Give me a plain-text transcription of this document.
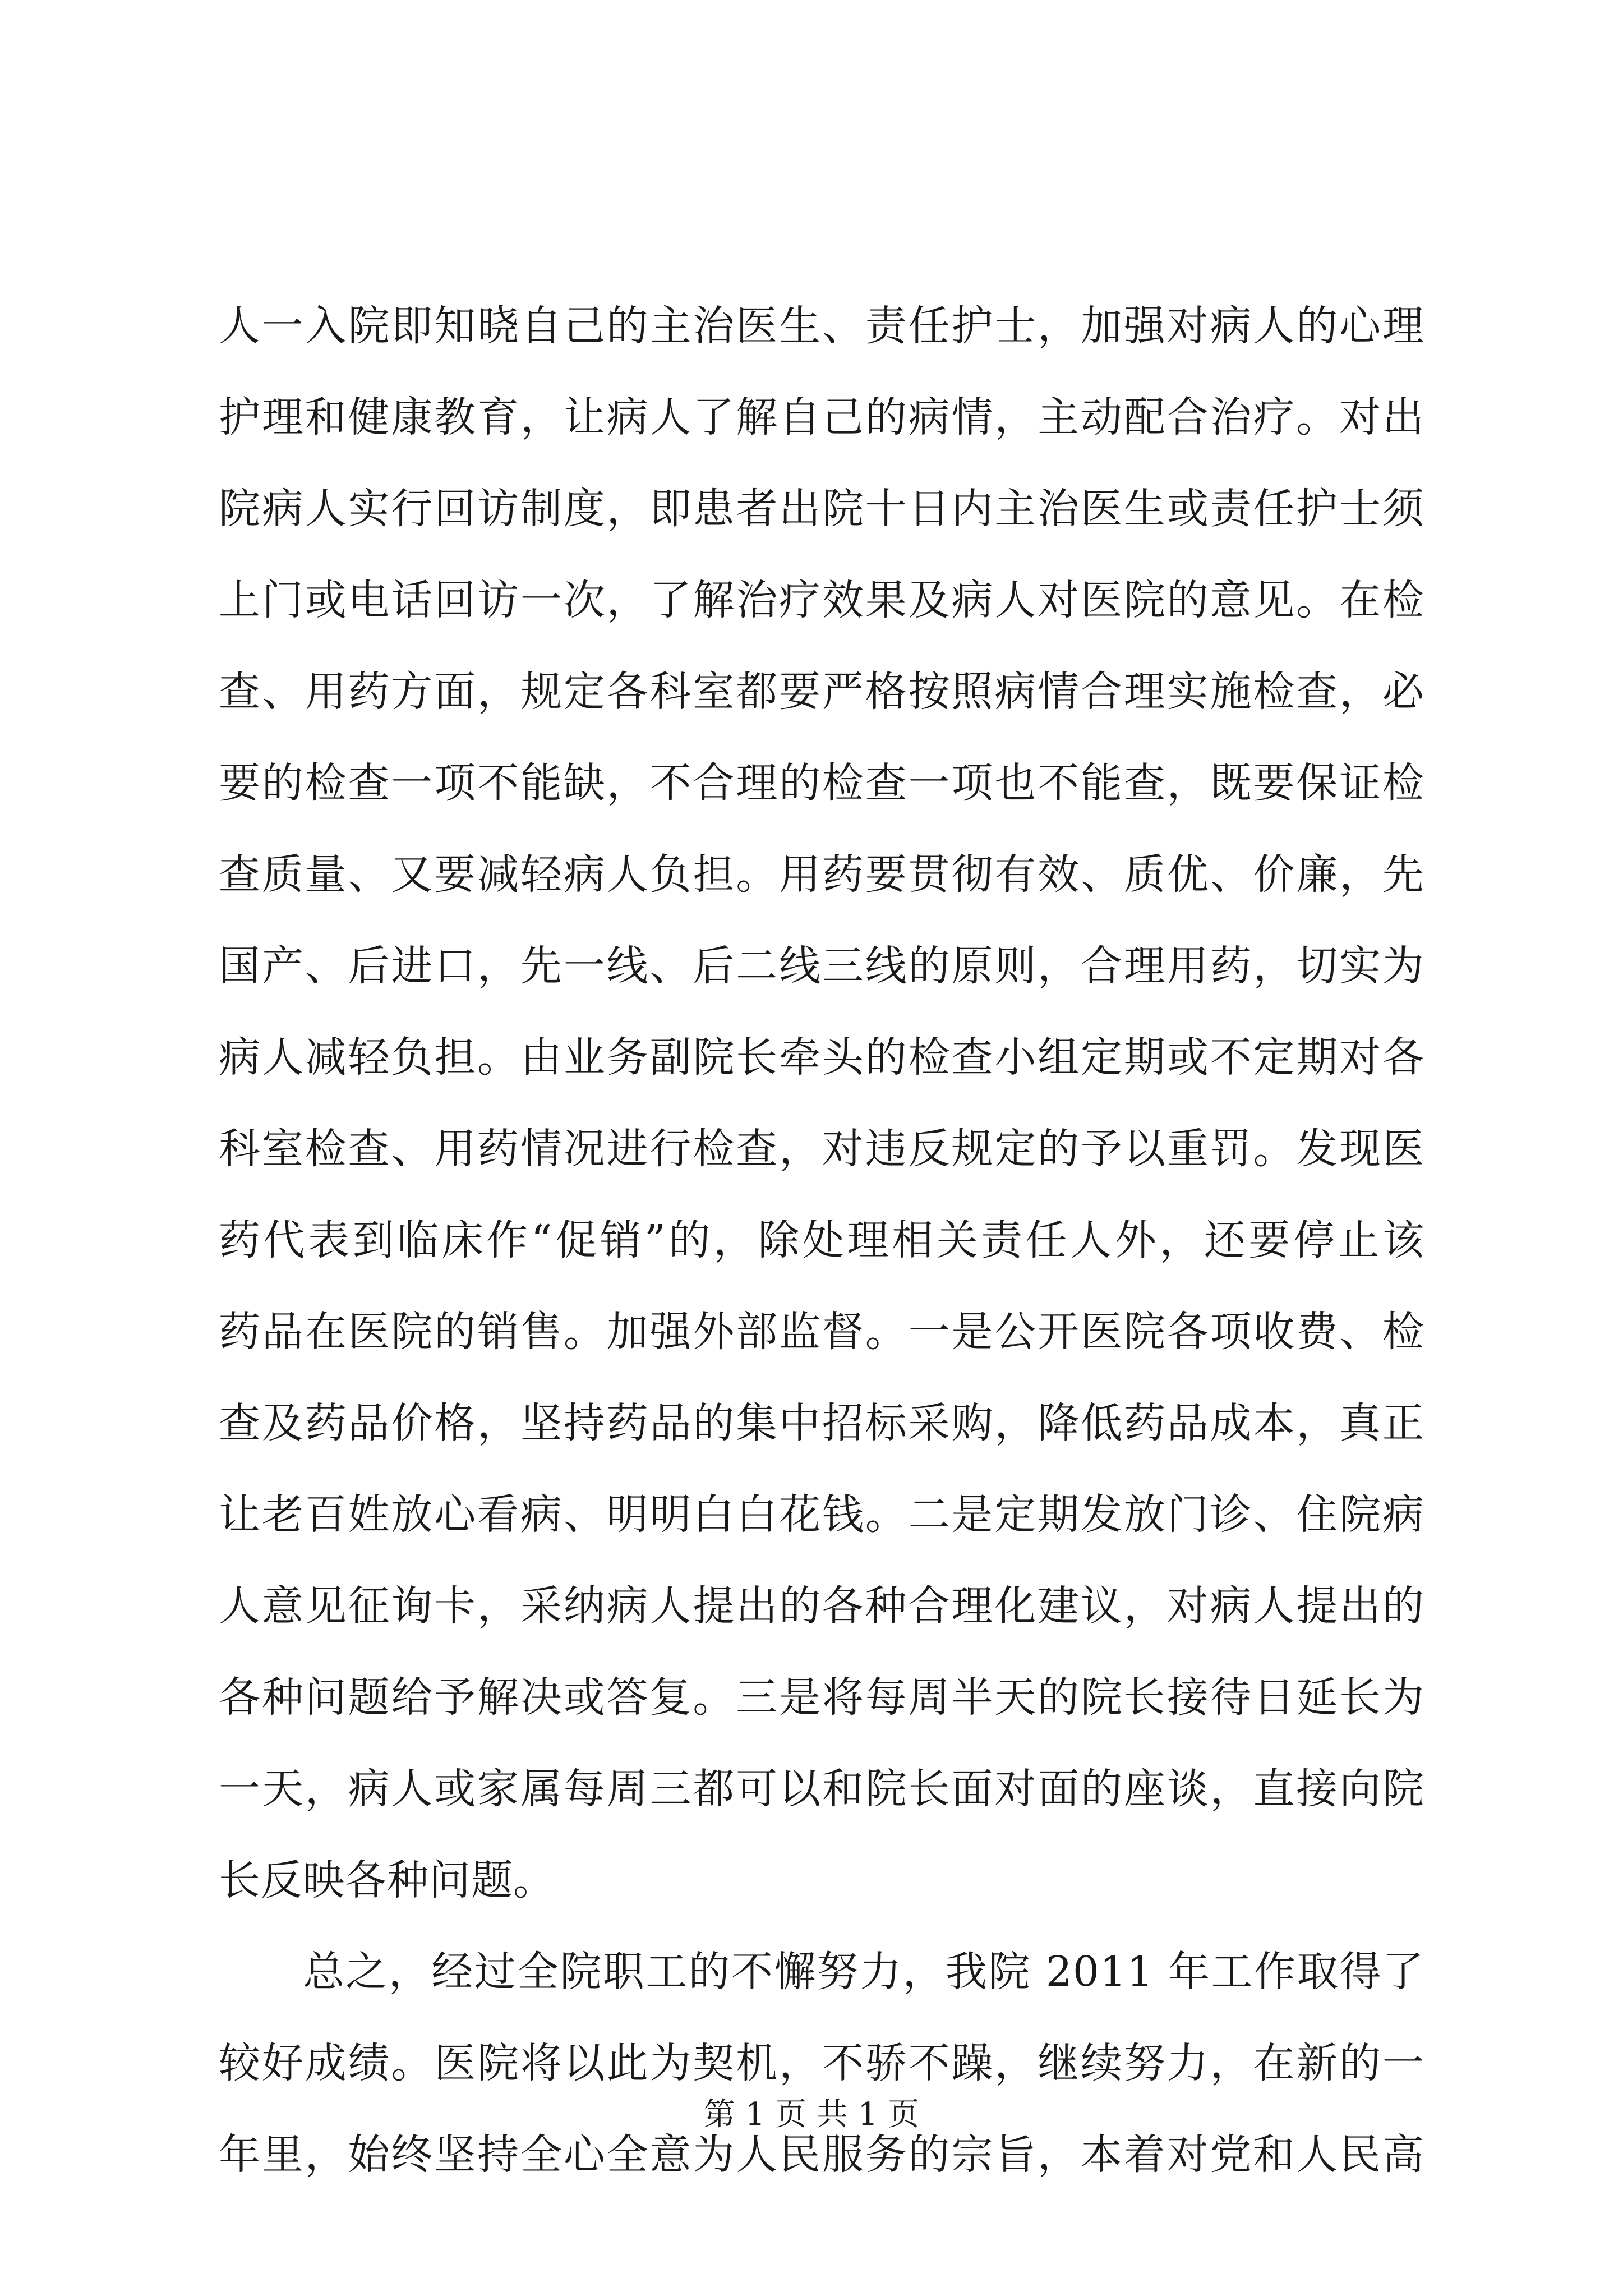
人一入院即知晓自己的主治医生、责任护士，加强对病人的心理
护理和健康教育，让病人了解自己的病情，主动配合治疗。对出
院病人实行回访制度，即患者出院十日内主治医生或责任护士须
上门或电话回访一次，了解治疗效果及病人对医院的意见。在检
查、用药方面，规定各科室都要严格按照病情合理实施检查，必
要的检查一项不能缺，不合理的检查一项也不能查，既要保证检
查质量、又要减轻病人负担。用药要贯彻有效、质优、价廉，先
国产、后进口，先一线、后二线三线的原则，合理用药，切实为
病人减轻负担。由业务副院长牵头的检查小组定期或不定期对各
科室检查、用药情况进行检查，对违反规定的予以重罚。发现医
药代表到临床作“促销”的，除处理相关责任人外，还要停止该
药品在医院的销售。加强外部监督。一是公开医院各项收费、检
查及药品价格，坚持药品的集中招标采购，降低药品成本，真正
让老百姓放心看病、明明白白花钱。二是定期发放门诊、住院病
人意见征询卡，采纳病人提出的各种合理化建议，对病人提出的
各种问题给予解决或答复。三是将每周半天的院长接待日延长为
一天，病人或家属每周三都可以和院长面对面的座谈，直接向院
长反映各种问题。
总之，经过全院职工的不懈努力，我院 2011 年工作取得了
较好成绩。医院将以此为契机，不骄不躁，继续努力，在新的一
年里，始终坚持全心全意为人民服务的宗旨，本着对党和人民高
第 1 页 共 1 页
